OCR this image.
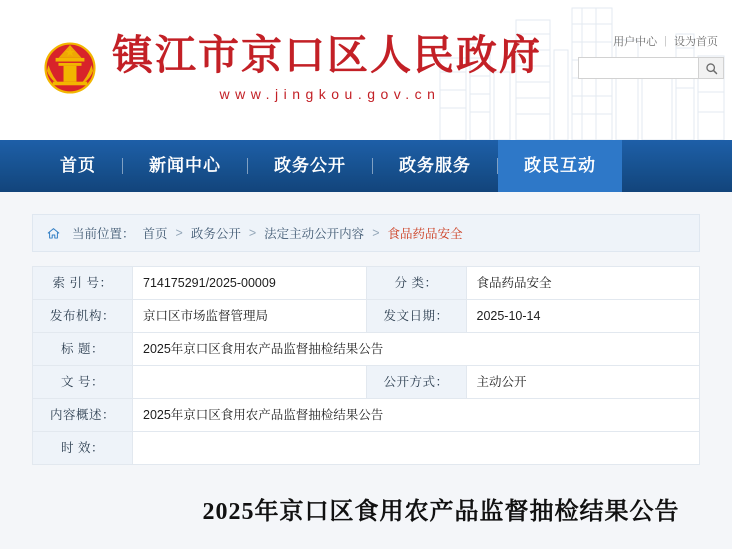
用户中心 | 设为首页
镇江市京口区人民政府
www.jingkou.gov.cn
首页	新闻中心	政务公开	政务服务	政民互动
当前位置： 首页 > 政务公开 > 法定主动公开内容 > 食品药品安全
索 引 号：	714175291/2025-00009	分 类：	食品药品安全
发布机构：	京口区市场监督管理局	发文日期：	2025-10-14
标 题：	2025年京口区食用农产品监督抽检结果公告		
文 号：		公开方式：	主动公开
内容概述：	2025年京口区食用农产品监督抽检结果公告		
时 效：			
2025年京口区食用农产品监督抽检结果公告
